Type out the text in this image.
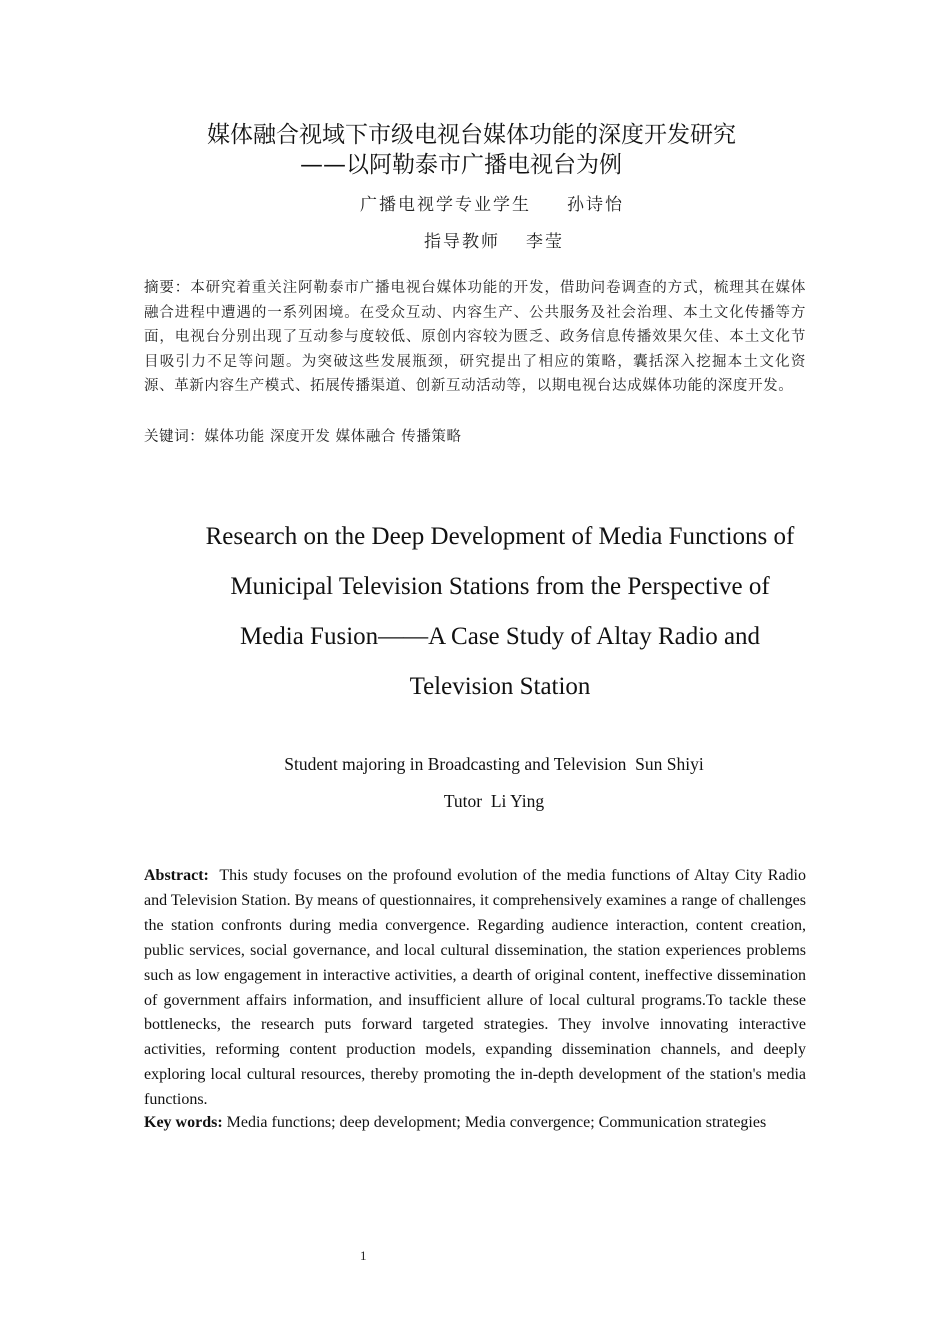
媒体融合视域下市级电视台媒体功能的深度开发研究
——以阿勒泰市广播电视台为例
广播电视学专业学生 孙诗怡
指导教师 李莹
摘要：本研究着重关注阿勒泰市广播电视台媒体功能的开发，借助问卷调查的方式，梳理其在媒体融合进程中遭遇的一系列困境。在受众互动、内容生产、公共服务及社会治理、本土文化传播等方面，电视台分别出现了互动参与度较低、原创内容较为匮乏、政务信息传播效果欠佳、本土文化节目吸引力不足等问题。为突破这些发展瓶颈，研究提出了相应的策略，囊括深入挖掘本土文化资源、革新内容生产模式、拓展传播渠道、创新互动活动等，以期电视台达成媒体功能的深度开发。
关键词：媒体功能 深度开发 媒体融合 传播策略
Research on the Deep Development of Media Functions of
Municipal Television Stations from the Perspective of
Media Fusion——A Case Study of Altay Radio and
Television Station
Student majoring in Broadcasting and Television  Sun Shiyi
Tutor  Li Ying
Abstract: This study focuses on the profound evolution of the media functions of Altay City Radio and Television Station. By means of questionnaires, it comprehensively examines a range of challenges the station confronts during media convergence. Regarding audience interaction, content creation, public services, social governance, and local cultural dissemination, the station experiences problems such as low engagement in interactive activities, a dearth of original content, ineffective dissemination of government affairs information, and insufficient allure of local cultural programs.To tackle these bottlenecks, the research puts forward targeted strategies. They involve innovating interactive activities, reforming content production models, expanding dissemination channels, and deeply exploring local cultural resources, thereby promoting the in-depth development of the station's media functions.
Key words: Media functions; deep development; Media convergence; Communication strategies
1
